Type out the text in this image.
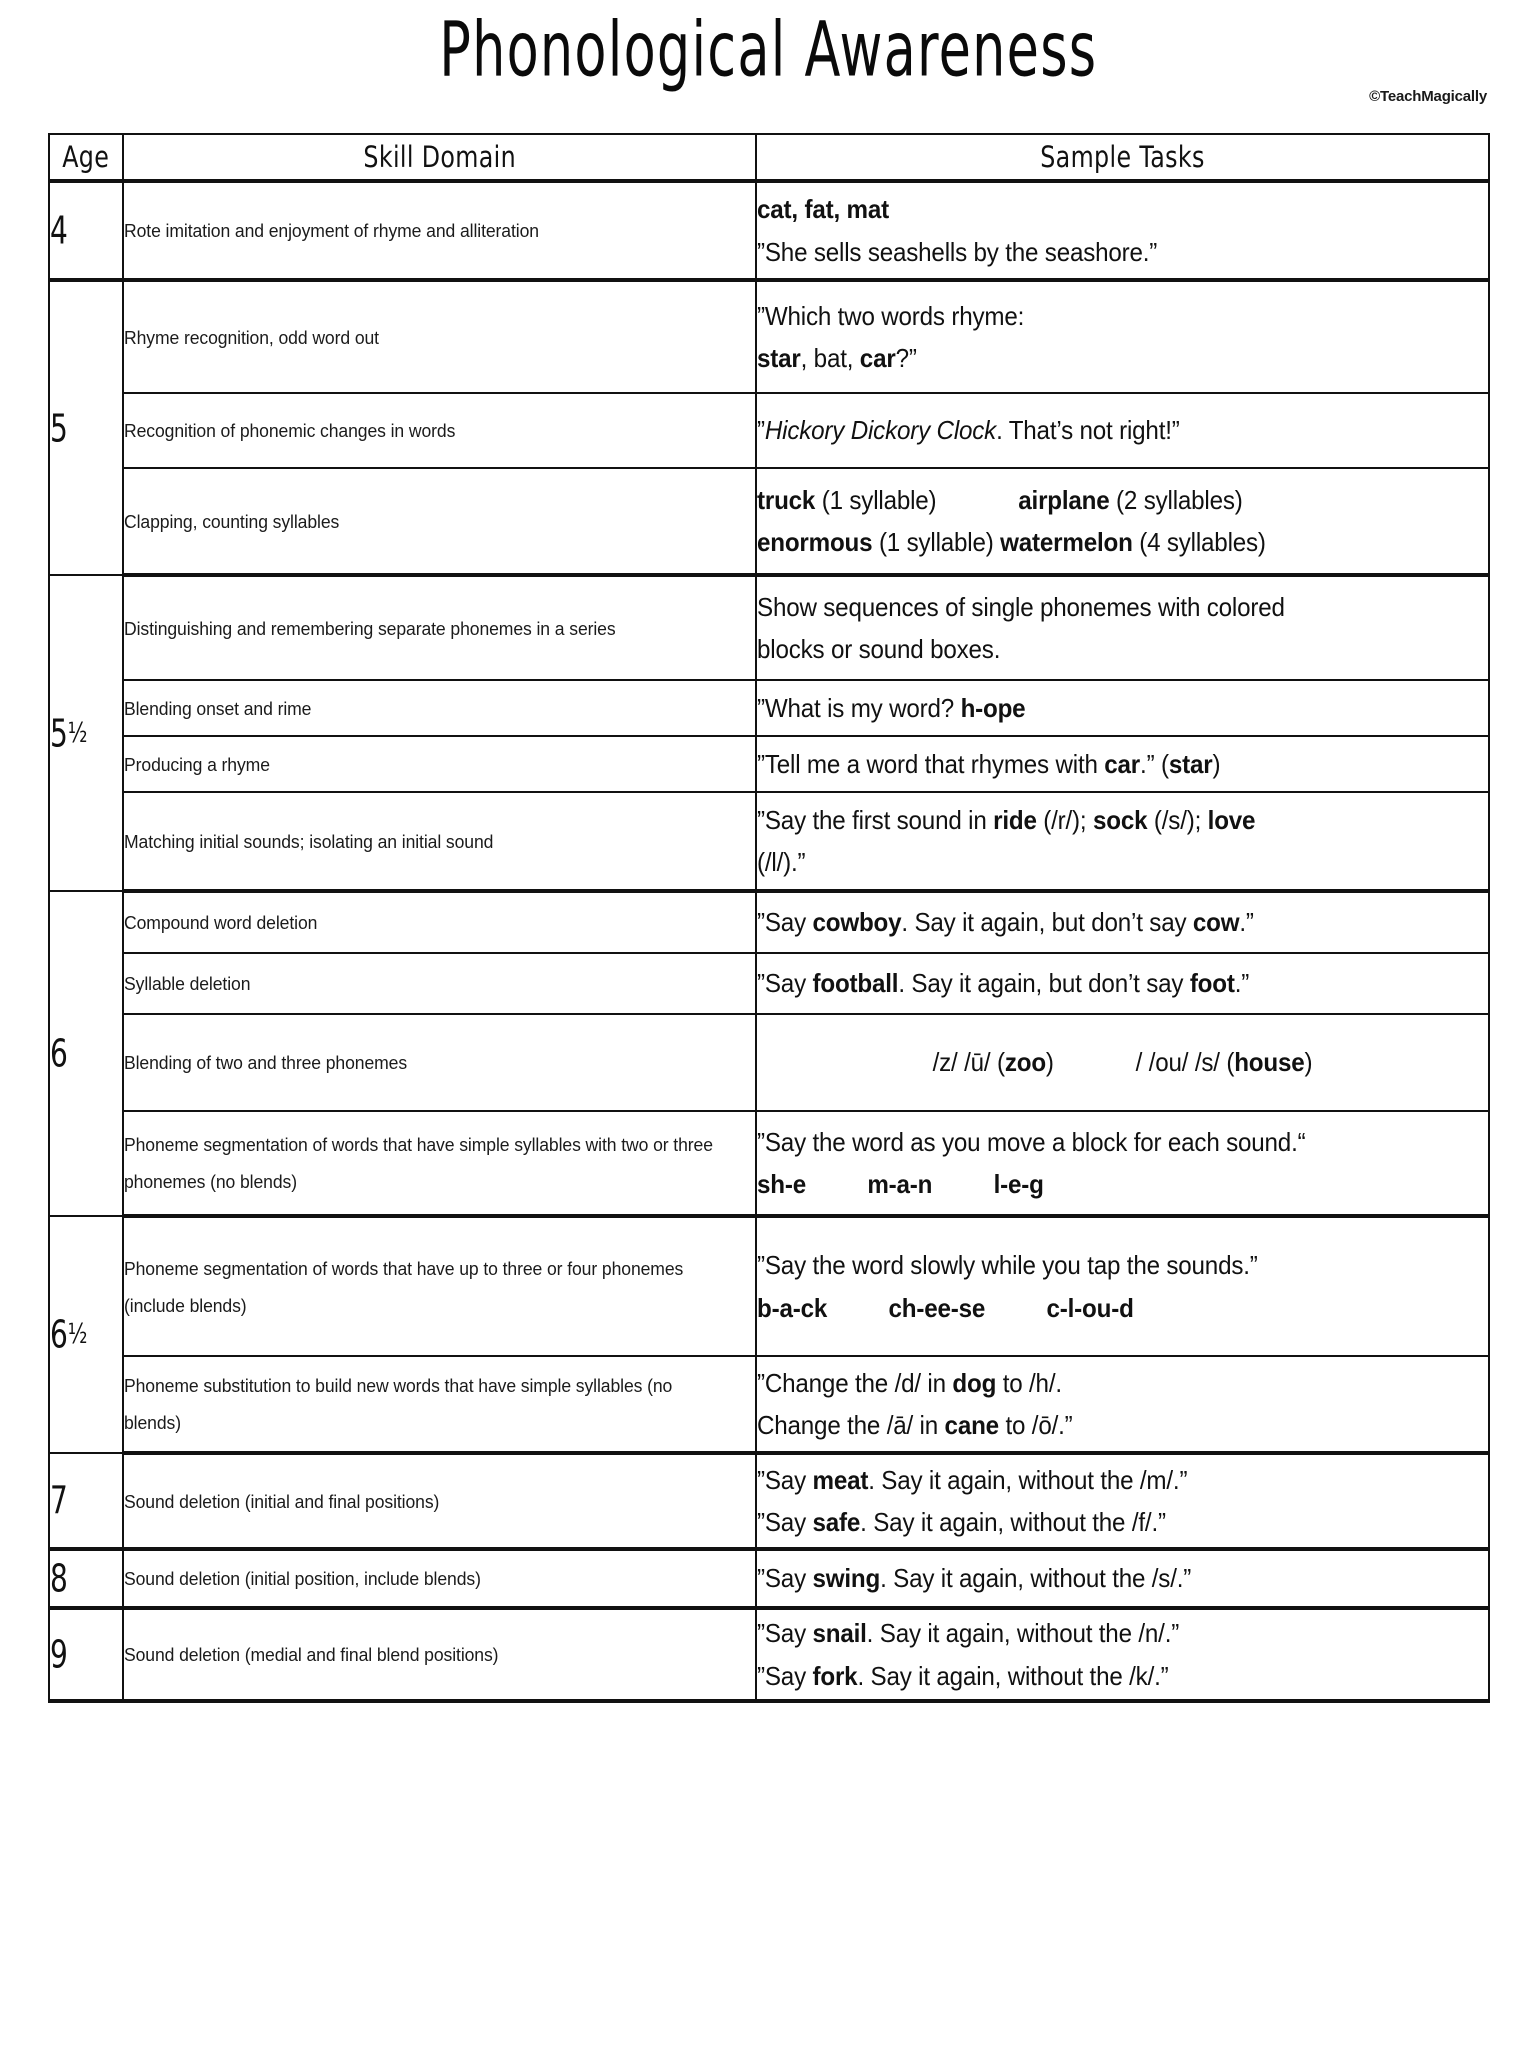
Phonological Awareness
©TeachMagically
Age	Skill Domain	Sample Tasks
4	Rote imitation and enjoyment of rhyme and alliteration	cat, fat, mat
”She sells seashells by the seashore.”

5	Rhyme recognition, odd word out	”Which two words rhyme:
star, bat, car?”

	Recognition of phonemic changes in words	”Hickory Dickory Clock. That’s not right!”

	Clapping, counting syllables	truck (1 syllable) airplane (2 syllables)
enormous (1 syllable) watermelon (4 syllables)

5½	Distinguishing and remembering separate phonemes in a series	Show sequences of single phonemes with colored
blocks or sound boxes.

	Blending onset and rime	”What is my word? h-ope

	Producing a rhyme	”Tell me a word that rhymes with car.” (star)

	Matching initial sounds; isolating an initial sound	”Say the first sound in ride (/r/); sock (/s/); love
(/l/).”

6	Compound word deletion	”Say cowboy. Say it again, but don’t say cow.”

	Syllable deletion	”Say football. Say it again, but don’t say foot.”

	Blending of two and three phonemes	/z/ /ū/ (zoo) / /ou/ /s/ (house)

	Phoneme segmentation of words that have simple syllables with two or three phonemes (no blends)	”Say the word as you move a block for each sound.“
sh-e m-a-n l-e-g

6½	Phoneme segmentation of words that have up to three or four phonemes (include blends)	”Say the word slowly while you tap the sounds.”
b-a-ck ch-ee-se c-l-ou-d

	Phoneme substitution to build new words that have simple syllables (no blends)	”Change the /d/ in dog to /h/.
Change the /ā/ in cane to /ō/.”

7	Sound deletion (initial and final positions)	”Say meat. Say it again, without the /m/.”
”Say safe. Say it again, without the /f/.”

8	Sound deletion (initial position, include blends)	”Say swing. Say it again, without the /s/.”

9	Sound deletion (medial and final blend positions)	”Say snail. Say it again, without the /n/.”
”Say fork. Say it again, without the /k/.”
